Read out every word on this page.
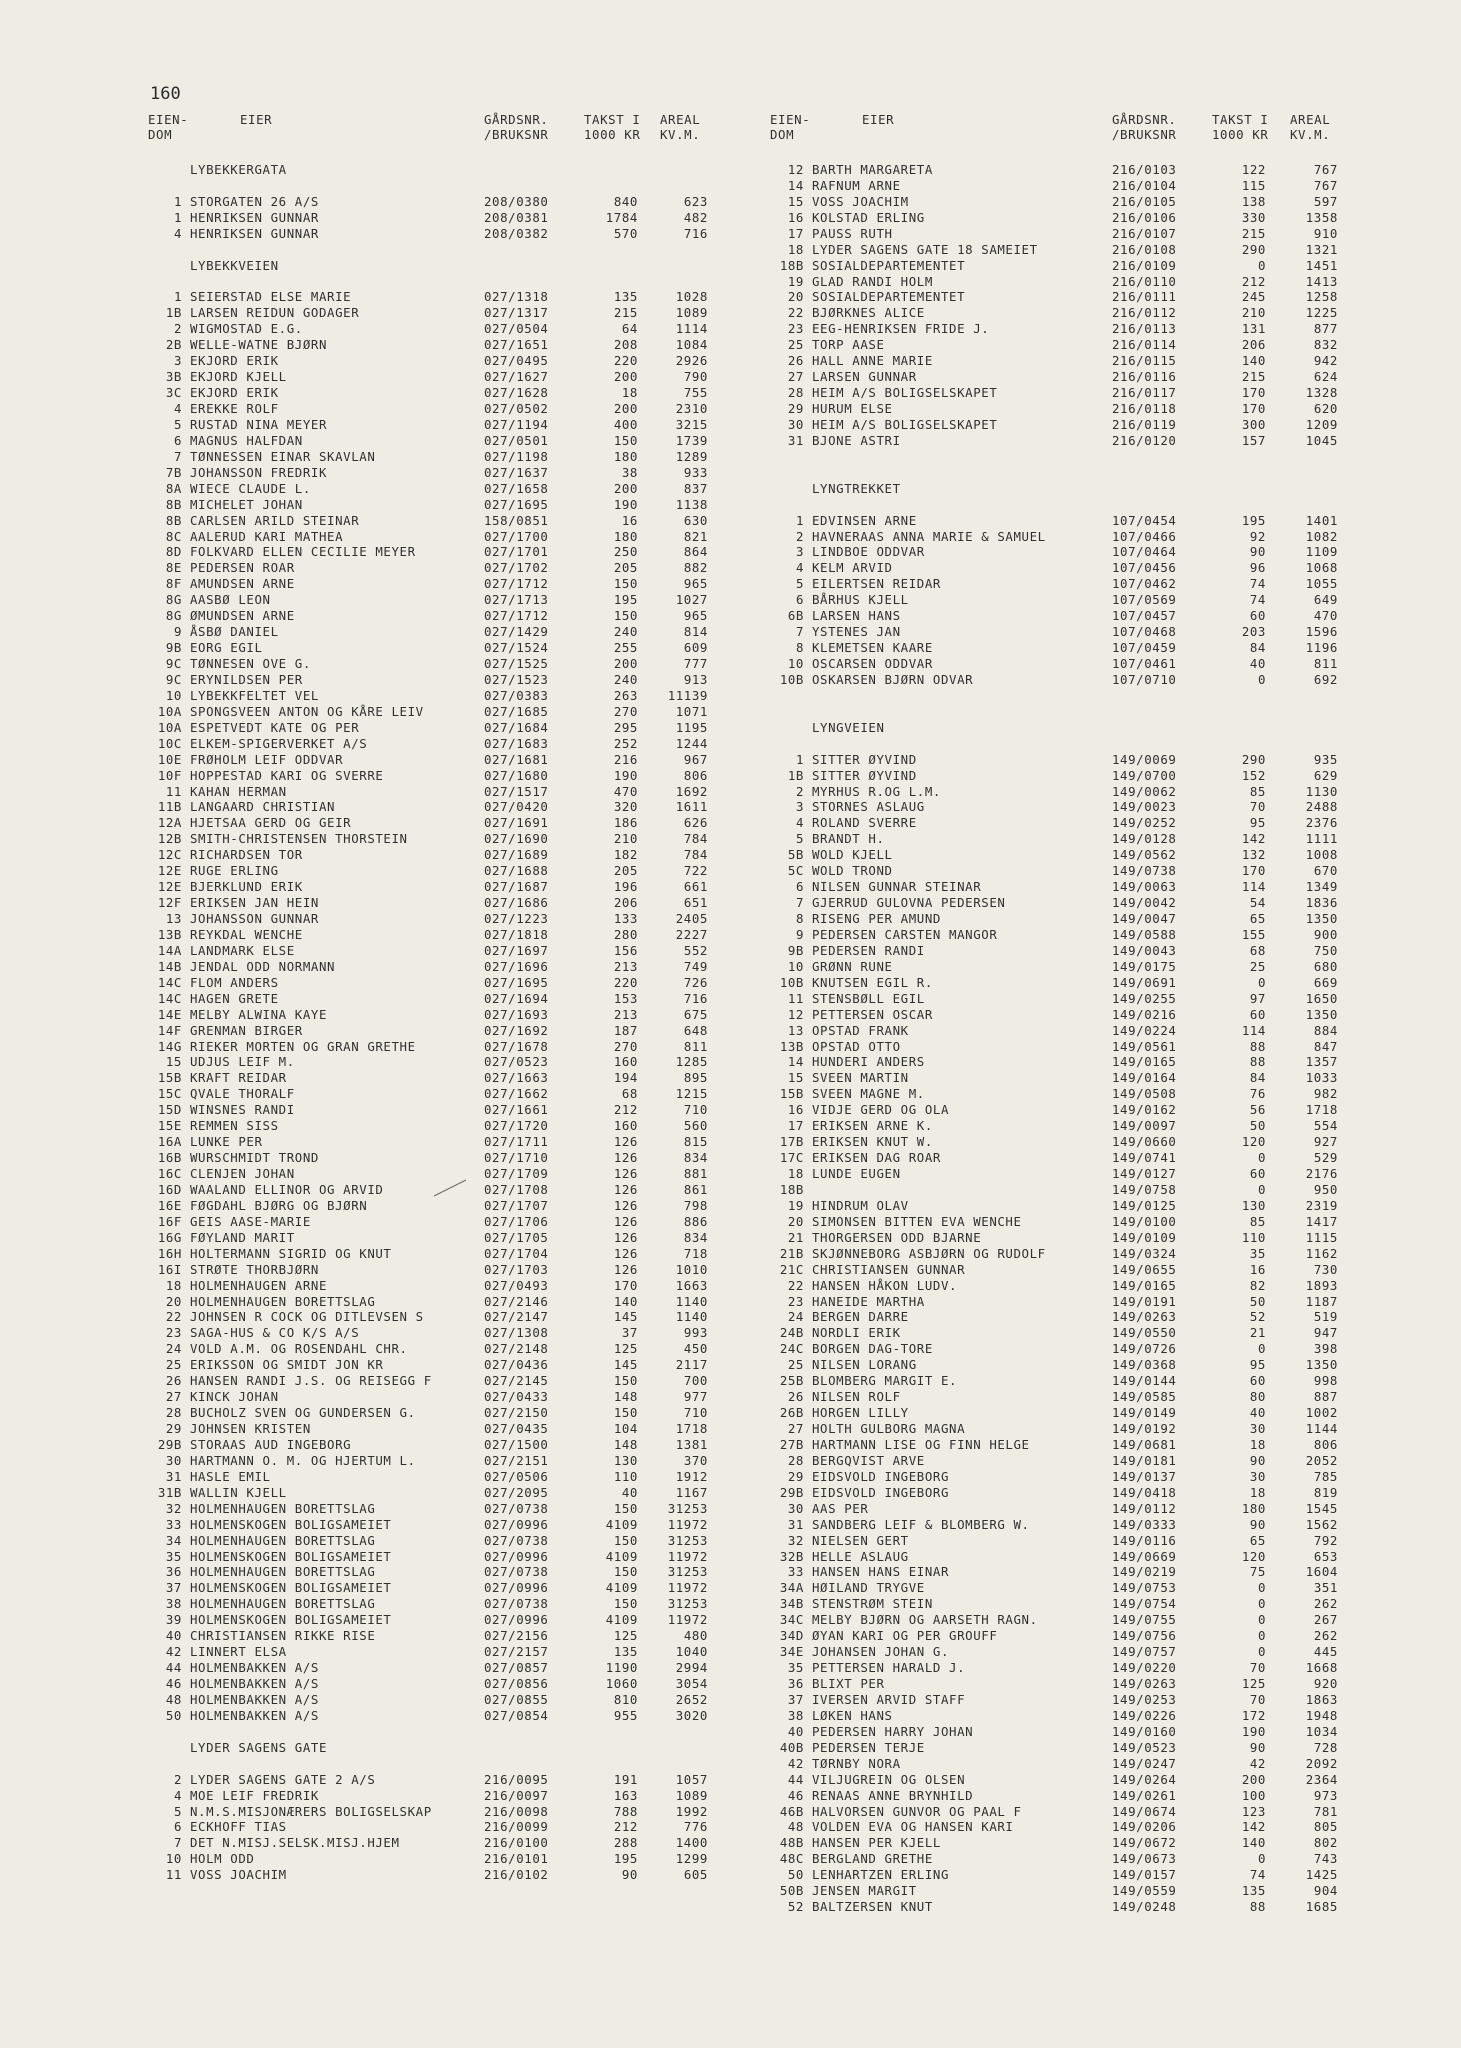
160
EIEN-
DOM
EIER	GÅRDSNR.
/BRUKSNR
TAKST I
1000 KR
AREAL
KV.M.
LYBEKKERGATA
1 STORGATEN 26 A/S	208/0380	840	623
1 HENRIKSEN GUNNAR	208/0381	1784	482
4 HENRIKSEN GUNNAR	208/0382	570	716
LYBEKKVEIEN
1 SEIERSTAD ELSE MARIE	027/1318	135	1028
1B LARSEN REIDUN GODAGER	027/1317	215	1089
2 WIGMOSTAD E.G.	027/0504	64	1114
2B WELLE-WATNE BJØRN	027/1651	208	1084
3 EKJORD ERIK	027/0495	220	2926
3B EKJORD KJELL	027/1627	200	790
3C EKJORD ERIK	027/1628	18	755
4 EREKKE ROLF	027/0502	200	2310
5 RUSTAD NINA MEYER	027/1194	400	3215
6 MAGNUS HALFDAN	027/0501	150	1739
7 TØNNESSEN EINAR SKAVLAN	027/1198	180	1289
7B JOHANSSON FREDRIK	027/1637	38	933
8A WIECE CLAUDE L.	027/1658	200	837
8B MICHELET JOHAN	027/1695	190	1138
8B CARLSEN ARILD STEINAR	158/0851	16	630
8C AALERUD KARI MATHEA	027/1700	180	821
8D FOLKVARD ELLEN CECILIE MEYER	027/1701	250	864
8E PEDERSEN ROAR	027/1702	205	882
8F AMUNDSEN ARNE	027/1712	150	965
8G AASBØ LEON	027/1713	195	1027
8G ØMUNDSEN ARNE	027/1712	150	965
9 ÅSBØ DANIEL	027/1429	240	814
9B EORG EGIL	027/1524	255	609
9C TØNNESEN OVE G.	027/1525	200	777
9C ERYNILDSEN PER	027/1523	240	913
10 LYBEKKFELTET VEL	027/0383	263	11139
10A SPONGSVEEN ANTON OG KÅRE LEIV	027/1685	270	1071
10A ESPETVEDT KATE OG PER	027/1684	295	1195
10C ELKEM-SPIGERVERKET A/S	027/1683	252	1244
10E FRØHOLM LEIF ODDVAR	027/1681	216	967
10F HOPPESTAD KARI OG SVERRE	027/1680	190	806
11 KAHAN HERMAN	027/1517	470	1692
11B LANGAARD CHRISTIAN	027/0420	320	1611
12A HJETSAA GERD OG GEIR	027/1691	186	626
12B SMITH-CHRISTENSEN THORSTEIN	027/1690	210	784
12C RICHARDSEN TOR	027/1689	182	784
12E RUGE ERLING	027/1688	205	722
12E BJERKLUND ERIK	027/1687	196	661
12F ERIKSEN JAN HEIN	027/1686	206	651
13 JOHANSSON GUNNAR	027/1223	133	2405
13B REYKDAL WENCHE	027/1818	280	2227
14A LANDMARK ELSE	027/1697	156	552
14B JENDAL ODD NORMANN	027/1696	213	749
14C FLOM ANDERS	027/1695	220	726
14C HAGEN GRETE	027/1694	153	716
14E MELBY ALWINA KAYE	027/1693	213	675
14F GRENMAN BIRGER	027/1692	187	648
14G RIEKER MORTEN OG GRAN GRETHE	027/1678	270	811
15 UDJUS LEIF M.	027/0523	160	1285
15B KRAFT REIDAR	027/1663	194	895
15C QVALE THORALF	027/1662	68	1215
15D WINSNES RANDI	027/1661	212	710
15E REMMEN SISS	027/1720	160	560
16A LUNKE PER	027/1711	126	815
16B WURSCHMIDT TROND	027/1710	126	834
16C CLENJEN JOHAN	027/1709	126	881
16D WAALAND ELLINOR OG ARVID	027/1708	126	861
16E FØGDAHL BJØRG OG BJØRN	027/1707	126	798
16F GEIS AASE-MARIE	027/1706	126	886
16G FØYLAND MARIT	027/1705	126	834
16H HOLTERMANN SIGRID OG KNUT	027/1704	126	718
16I STRØTE THORBJØRN	027/1703	126	1010
18 HOLMENHAUGEN ARNE	027/0493	170	1663
20 HOLMENHAUGEN BORETTSLAG	027/2146	140	1140
22 JOHNSEN R COCK OG DITLEVSEN S	027/2147	145	1140
23 SAGA-HUS & CO K/S A/S	027/1308	37	993
24 VOLD A.M. OG ROSENDAHL CHR.	027/2148	125	450
25 ERIKSSON OG SMIDT JON KR	027/0436	145	2117
26 HANSEN RANDI J.S. OG REISEGG F	027/2145	150	700
27 KINCK JOHAN	027/0433	148	977
28 BUCHOLZ SVEN OG GUNDERSEN G.	027/2150	150	710
29 JOHNSEN KRISTEN	027/0435	104	1718
29B STORAAS AUD INGEBORG	027/1500	148	1381
30 HARTMANN O. M. OG HJERTUM L.	027/2151	130	370
31 HASLE EMIL	027/0506	110	1912
31B WALLIN KJELL	027/2095	40	1167
32 HOLMENHAUGEN BORETTSLAG	027/0738	150	31253
33 HOLMENSKOGEN BOLIGSAMEIET	027/0996	4109	11972
34 HOLMENHAUGEN BORETTSLAG	027/0738	150	31253
35 HOLMENSKOGEN BOLIGSAMEIET	027/0996	4109	11972
36 HOLMENHAUGEN BORETTSLAG	027/0738	150	31253
37 HOLMENSKOGEN BOLIGSAMEIET	027/0996	4109	11972
38 HOLMENHAUGEN BORETTSLAG	027/0738	150	31253
39 HOLMENSKOGEN BOLIGSAMEIET	027/0996	4109	11972
40 CHRISTIANSEN RIKKE RISE	027/2156	125	480
42 LINNERT ELSA	027/2157	135	1040
44 HOLMENBAKKEN A/S	027/0857	1190	2994
46 HOLMENBAKKEN A/S	027/0856	1060	3054
48 HOLMENBAKKEN A/S	027/0855	810	2652
50 HOLMENBAKKEN A/S	027/0854	955	3020
LYDER SAGENS GATE
2 LYDER SAGENS GATE 2 A/S	216/0095	191	1057
4 MOE LEIF FREDRIK	216/0097	163	1089
5 N.M.S.MISJONÆRERS BOLIGSELSKAP	216/0098	788	1992
6 ECKHOFF TIAS	216/0099	212	776
7 DET N.MISJ.SELSK.MISJ.HJEM	216/0100	288	1400
10 HOLM ODD	216/0101	195	1299
11 VOSS JOACHIM	216/0102	90	605
EIEN-
DOM
EIER	GÅRDSNR.
/BRUKSNR
TAKST I
1000 KR
AREAL
KV.M.
12 BARTH MARGARETA	216/0103	122	767
14 RAFNUM ARNE	216/0104	115	767
15 VOSS JOACHIM	216/0105	138	597
16 KOLSTAD ERLING	216/0106	330	1358
17 PAUSS RUTH	216/0107	215	910
18 LYDER SAGENS GATE 18 SAMEIET	216/0108	290	1321
18B SOSIALDEPARTEMENTET	216/0109	0	1451
19 GLAD RANDI HOLM	216/0110	212	1413
20 SOSIALDEPARTEMENTET	216/0111	245	1258
22 BJØRKNES ALICE	216/0112	210	1225
23 EEG-HENRIKSEN FRIDE J.	216/0113	131	877
25 TORP AASE	216/0114	206	832
26 HALL ANNE MARIE	216/0115	140	942
27 LARSEN GUNNAR	216/0116	215	624
28 HEIM A/S BOLIGSELSKAPET	216/0117	170	1328
29 HURUM ELSE	216/0118	170	620
30 HEIM A/S BOLIGSELSKAPET	216/0119	300	1209
31 BJONE ASTRI	216/0120	157	1045
LYNGTREKKET
1 EDVINSEN ARNE	107/0454	195	1401
2 HAVNERAAS ANNA MARIE & SAMUEL	107/0466	92	1082
3 LINDBOE ODDVAR	107/0464	90	1109
4 KELM ARVID	107/0456	96	1068
5 EILERTSEN REIDAR	107/0462	74	1055
6 BÅRHUS KJELL	107/0569	74	649
6B LARSEN HANS	107/0457	60	470
7 YSTENES JAN	107/0468	203	1596
8 KLEMETSEN KAARE	107/0459	84	1196
10 OSCARSEN ODDVAR	107/0461	40	811
10B OSKARSEN BJØRN ODVAR	107/0710	0	692
LYNGVEIEN
1 SITTER ØYVIND	149/0069	290	935
1B SITTER ØYVIND	149/0700	152	629
2 MYRHUS R.OG L.M.	149/0062	85	1130
3 STORNES ASLAUG	149/0023	70	2488
4 ROLAND SVERRE	149/0252	95	2376
5 BRANDT H.	149/0128	142	1111
5B WOLD KJELL	149/0562	132	1008
5C WOLD TROND	149/0738	170	670
6 NILSEN GUNNAR STEINAR	149/0063	114	1349
7 GJERRUD GULOVNA PEDERSEN	149/0042	54	1836
8 RISENG PER AMUND	149/0047	65	1350
9 PEDERSEN CARSTEN MANGOR	149/0588	155	900
9B PEDERSEN RANDI	149/0043	68	750
10 GRØNN RUNE	149/0175	25	680
10B KNUTSEN EGIL R.	149/0691	0	669
11 STENSBØLL EGIL	149/0255	97	1650
12 PETTERSEN OSCAR	149/0216	60	1350
13 OPSTAD FRANK	149/0224	114	884
13B OPSTAD OTTO	149/0561	88	847
14 HUNDERI ANDERS	149/0165	88	1357
15 SVEEN MARTIN	149/0164	84	1033
15B SVEEN MAGNE M.	149/0508	76	982
16 VIDJE GERD OG OLA	149/0162	56	1718
17 ERIKSEN ARNE K.	149/0097	50	554
17B ERIKSEN KNUT W.	149/0660	120	927
17C ERIKSEN DAG ROAR	149/0741	0	529
18 LUNDE EUGEN	149/0127	60	2176
18B	149/0758	0	950
19 HINDRUM OLAV	149/0125	130	2319
20 SIMONSEN BITTEN EVA WENCHE	149/0100	85	1417
21 THORGERSEN ODD BJARNE	149/0109	110	1115
21B SKJØNNEBORG ASBJØRN OG RUDOLF	149/0324	35	1162
21C CHRISTIANSEN GUNNAR	149/0655	16	730
22 HANSEN HÅKON LUDV.	149/0165	82	1893
23 HANEIDE MARTHA	149/0191	50	1187
24 BERGEN DARRE	149/0263	52	519
24B NORDLI ERIK	149/0550	21	947
24C BORGEN DAG-TORE	149/0726	0	398
25 NILSEN LORANG	149/0368	95	1350
25B BLOMBERG MARGIT E.	149/0144	60	998
26 NILSEN ROLF	149/0585	80	887
26B HORGEN LILLY	149/0149	40	1002
27 HOLTH GULBORG MAGNA	149/0192	30	1144
27B HARTMANN LISE OG FINN HELGE	149/0681	18	806
28 BERGQVIST ARVE	149/0181	90	2052
29 EIDSVOLD INGEBORG	149/0137	30	785
29B EIDSVOLD INGEBORG	149/0418	18	819
30 AAS PER	149/0112	180	1545
31 SANDBERG LEIF & BLOMBERG W.	149/0333	90	1562
32 NIELSEN GERT	149/0116	65	792
32B HELLE ASLAUG	149/0669	120	653
33 HANSEN HANS EINAR	149/0219	75	1604
34A HØILAND TRYGVE	149/0753	0	351
34B STENSTRØM STEIN	149/0754	0	262
34C MELBY BJØRN OG AARSETH RAGN.	149/0755	0	267
34D ØYAN KARI OG PER GROUFF	149/0756	0	262
34E JOHANSEN JOHAN G.	149/0757	0	445
35 PETTERSEN HARALD J.	149/0220	70	1668
36 BLIXT PER	149/0263	125	920
37 IVERSEN ARVID STAFF	149/0253	70	1863
38 LØKEN HANS	149/0226	172	1948
40 PEDERSEN HARRY JOHAN	149/0160	190	1034
40B PEDERSEN TERJE	149/0523	90	728
42 TØRNBY NORA	149/0247	42	2092
44 VILJUGREIN OG OLSEN	149/0264	200	2364
46 RENAAS ANNE BRYNHILD	149/0261	100	973
46B HALVORSEN GUNVOR OG PAAL F	149/0674	123	781
48 VOLDEN EVA OG HANSEN KARI	149/0206	142	805
48B HANSEN PER KJELL	149/0672	140	802
48C BERGLAND GRETHE	149/0673	0	743
50 LENHARTZEN ERLING	149/0157	74	1425
50B JENSEN MARGIT	149/0559	135	904
52 BALTZERSEN KNUT	149/0248	88	1685
